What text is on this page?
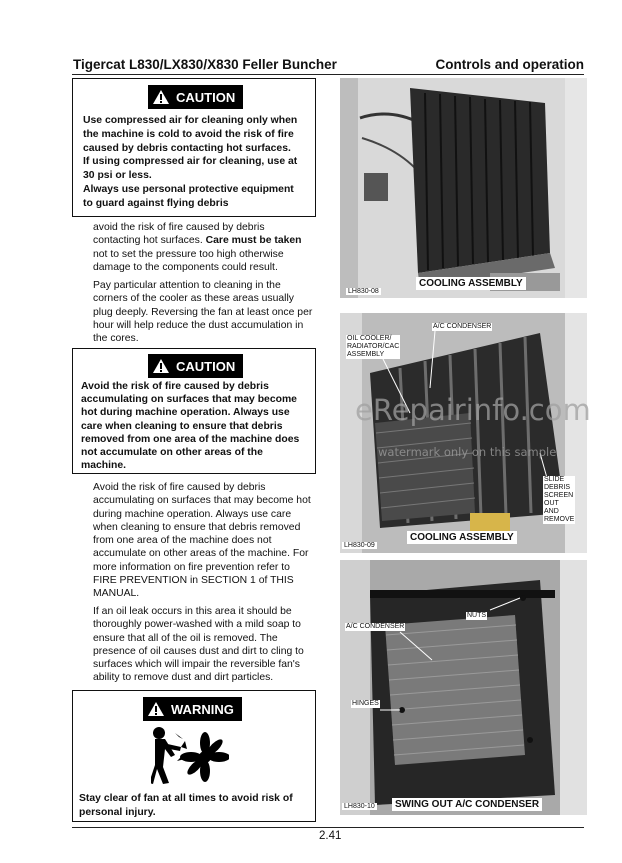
Tigercat L830/LX830/X830 Feller Buncher	Controls and operation
CAUTION
Use compressed air for cleaning only when
the machine is cold to avoid the risk of fire
caused by debris contacting hot surfaces.
If using compressed air for cleaning, use at
30 psi or less.
Always use personal protective equipment
to guard against flying debris

avoid the risk of fire caused by debris

contacting hot surfaces. Care must be taken

not to set the pressure too high otherwise

damage to the components could result.

Pay particular attention to cleaning in the

corners of the cooler as these areas usually

plug deeply. Reversing the fan at least once per

hour will help reduce the dust accumulation in

the cores.

CAUTION
Avoid the risk of fire caused by debris
accumulating on surfaces that may become
hot during machine operation. Always use
care when cleaning to ensure that debris
removed from one area of the machine does
not accumulate on other areas of the
machine.

Avoid the risk of fire caused by debris

accumulating on surfaces that may become hot

during machine operation. Always use care

when cleaning to ensure that debris removed

from one area of the machine does not

accumulate on other areas of the machine. For

more information on fire prevention refer to

FIRE PREVENTION in SECTION 1 of THIS

MANUAL.

If an oil leak occurs in this area it should be

thoroughly power-washed with a mild soap to

ensure that all of the oil is removed. The

presence of oil causes dust and dirt to cling to

surfaces which will impair the reversible fan's

ability to remove dust and dirt particles.

WARNING
Stay clear of fan at all times to avoid risk of
personal injury.
LH830-08
COOLING ASSEMBLY
OIL COOLER/
RADIATOR/CAC
ASSEMBLY
A/C CONDENSER
SLIDE
DEBRIS
SCREEN
OUT
AND
REMOVE
LH830-09
COOLING ASSEMBLY
A/C CONDENSER
NUTS
HINGES
LH830-10	SWING OUT A/C CONDENSER
eRepairinfo.com
watermark only on this sample
2.41
